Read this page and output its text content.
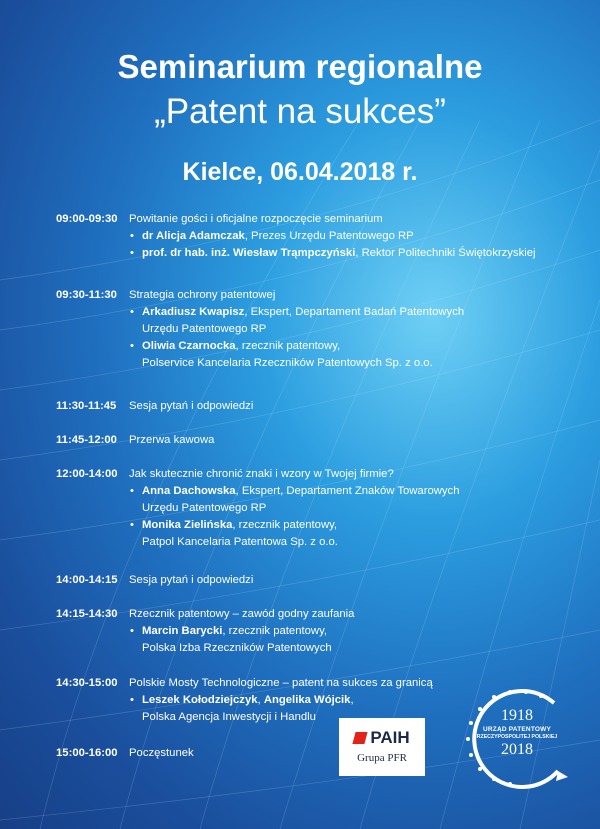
Seminarium regionalne
„Patent na sukces”
Kielce, 06.04.2018 r.
09:00-09:30	Powitanie gości i oficjalne rozpoczęcie seminarium
• dr Alicja Adamczak, Prezes Urzędu Patentowego RP
• prof. dr hab. inż. Wiesław Trąmpczyński, Rektor Politechniki Świętokrzyskiej
09:30-11:30	Strategia ochrony patentowej
• Arkadiusz Kwapisz, Ekspert, Departament Badań Patentowych
Urzędu Patentowego RP
• Oliwia Czarnocka, rzecznik patentowy,
Polservice Kancelaria Rzeczników Patentowych Sp. z o.o.
11:30-11:45	Sesja pytań i odpowiedzi
11:45-12:00	Przerwa kawowa
12:00-14:00	Jak skutecznie chronić znaki i wzory w Twojej firmie?
• Anna Dachowska, Ekspert, Departament Znaków Towarowych
Urzędu Patentowego RP
• Monika Zielińska, rzecznik patentowy,
Patpol Kancelaria Patentowa Sp. z o.o.
14:00-14:15	Sesja pytań i odpowiedzi
14:15-14:30	Rzecznik patentowy – zawód godny zaufania
• Marcin Barycki, rzecznik patentowy,
Polska Izba Rzeczników Patentowych
14:30-15:00	Polskie Mosty Technologiczne – patent na sukces za granicą
• Leszek Kołodziejczyk, Angelika Wójcik,
Polska Agencja Inwestycji i Handlu
15:00-16:00	Poczęstunek
PAIH
Grupa PFR
1918
URZĄD PATENTOWY
RZECZYPOSPOLITEJ POLSKIEJ
2018
